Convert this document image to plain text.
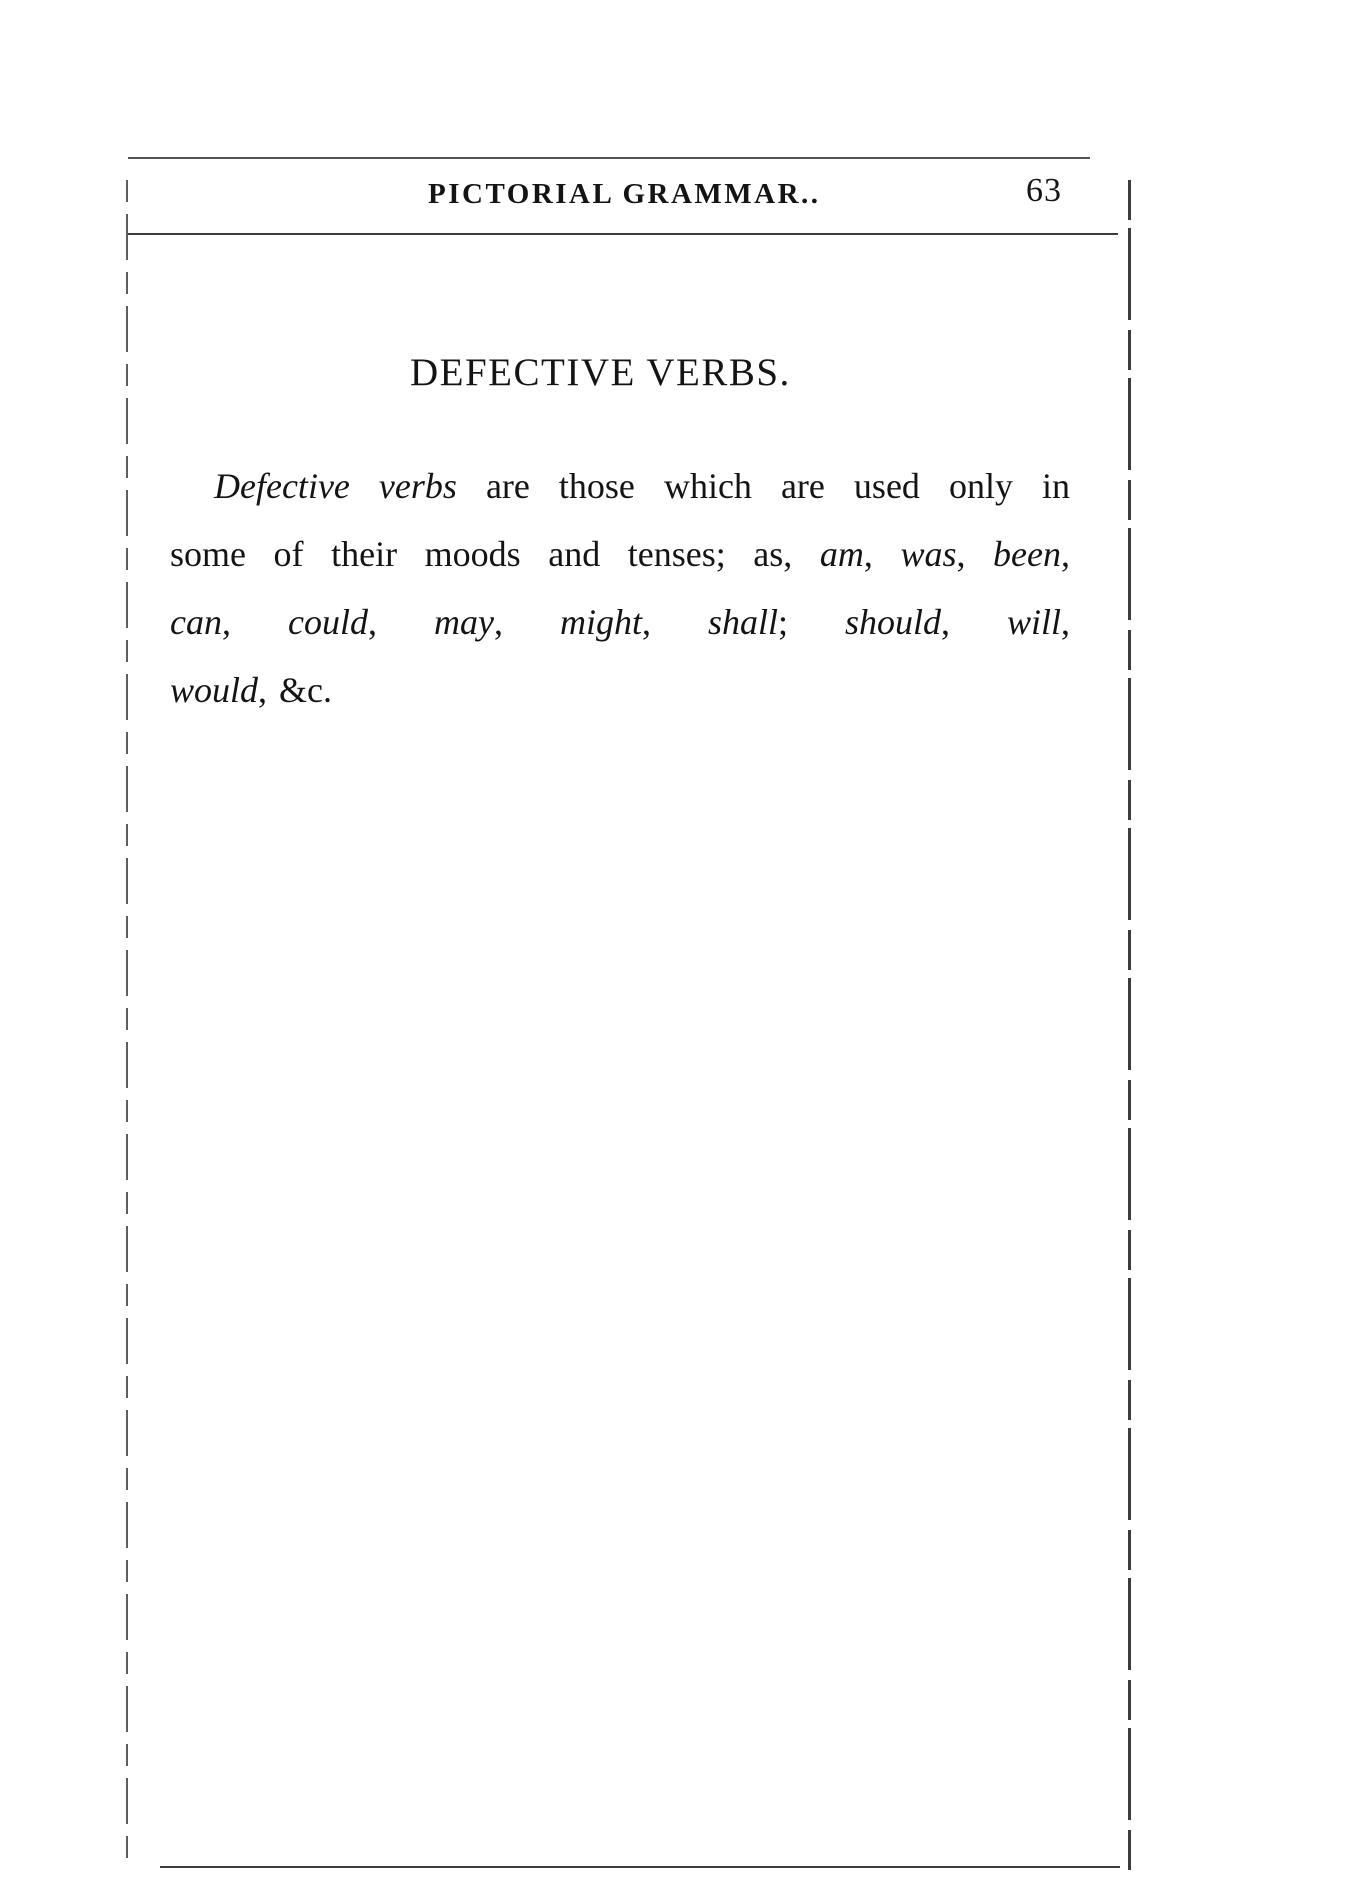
PICTORIAL GRAMMAR..	63
DEFECTIVE VERBS.
Defective verbs are those which are used only in
some of their moods and tenses; as, am, was, been,
can, could, may, might, shall; should, will,
would, &c.
